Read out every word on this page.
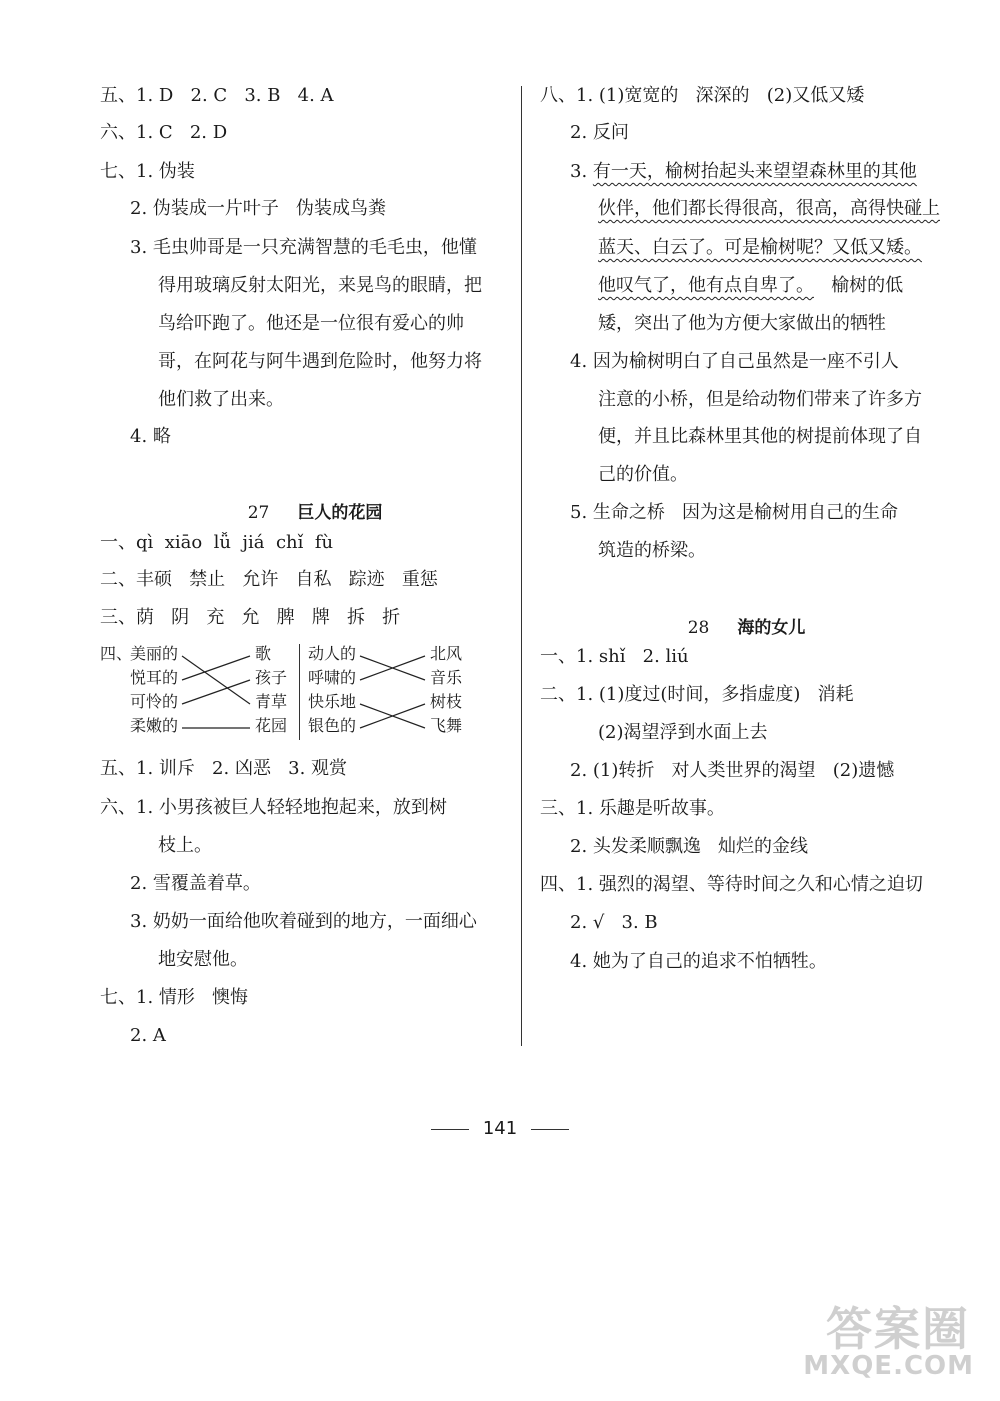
五、1. D   2. C   3. B   4. A
六、1. C   2. D
七、1. 伪装
2. 伪装成一片叶子   伪装成鸟粪
3. 毛虫帅哥是一只充满智慧的毛毛虫，他懂
得用玻璃反射太阳光，来晃鸟的眼睛，把
鸟给吓跑了。他还是一位很有爱心的帅
哥，在阿花与阿牛遇到危险时，他努力将
他们救了出来。
4. 略

27 巨人的花园

一、qì  xiāo  lǚ  jiá  chǐ  fù
二、丰硕   禁止   允许   自私   踪迹   重惩
三、荫   阴   充   允   脾   牌   拆   折
四、
美丽的
悦耳的
可怜的
柔嫩的
歌
孩子
青草
花园
动人的
呼啸的
快乐地
银色的
北风
音乐
树枝
飞舞
五、1. 训斥   2. 凶恶   3. 观赏
六、1. 小男孩被巨人轻轻地抱起来，放到树
枝上。
2. 雪覆盖着草。
3. 奶奶一面给他吹着碰到的地方，一面细心
地安慰他。
七、1. 情形   懊悔
2. A
八、1. (1)宽宽的   深深的   (2)又低又矮
2. 反问
3. 有一天，榆树抬起头来望望森林里的其他
伙伴，他们都长得很高，很高，高得快碰上
蓝天、白云了。可是榆树呢？又低又矮。
他叹气了，他有点自卑了。   榆树的低
矮，突出了他为方便大家做出的牺牲
4. 因为榆树明白了自己虽然是一座不引人
注意的小桥，但是给动物们带来了许多方
便，并且比森林里其他的树提前体现了自
己的价值。
5. 生命之桥   因为这是榆树用自己的生命
筑造的桥梁。

28 海的女儿

一、1. shǐ   2. liú
二、1. (1)度过(时间，多指虚度)   消耗
(2)渴望浮到水面上去
2. (1)转折   对人类世界的渴望   (2)遗憾
三、1. 乐趣是听故事。
2. 头发柔顺飘逸   灿烂的金线
四、1. 强烈的渴望、等待时间之久和心情之迫切
2. √   3. B
4. 她为了自己的追求不怕牺牲。
141
答案圈
MXQE.COM
